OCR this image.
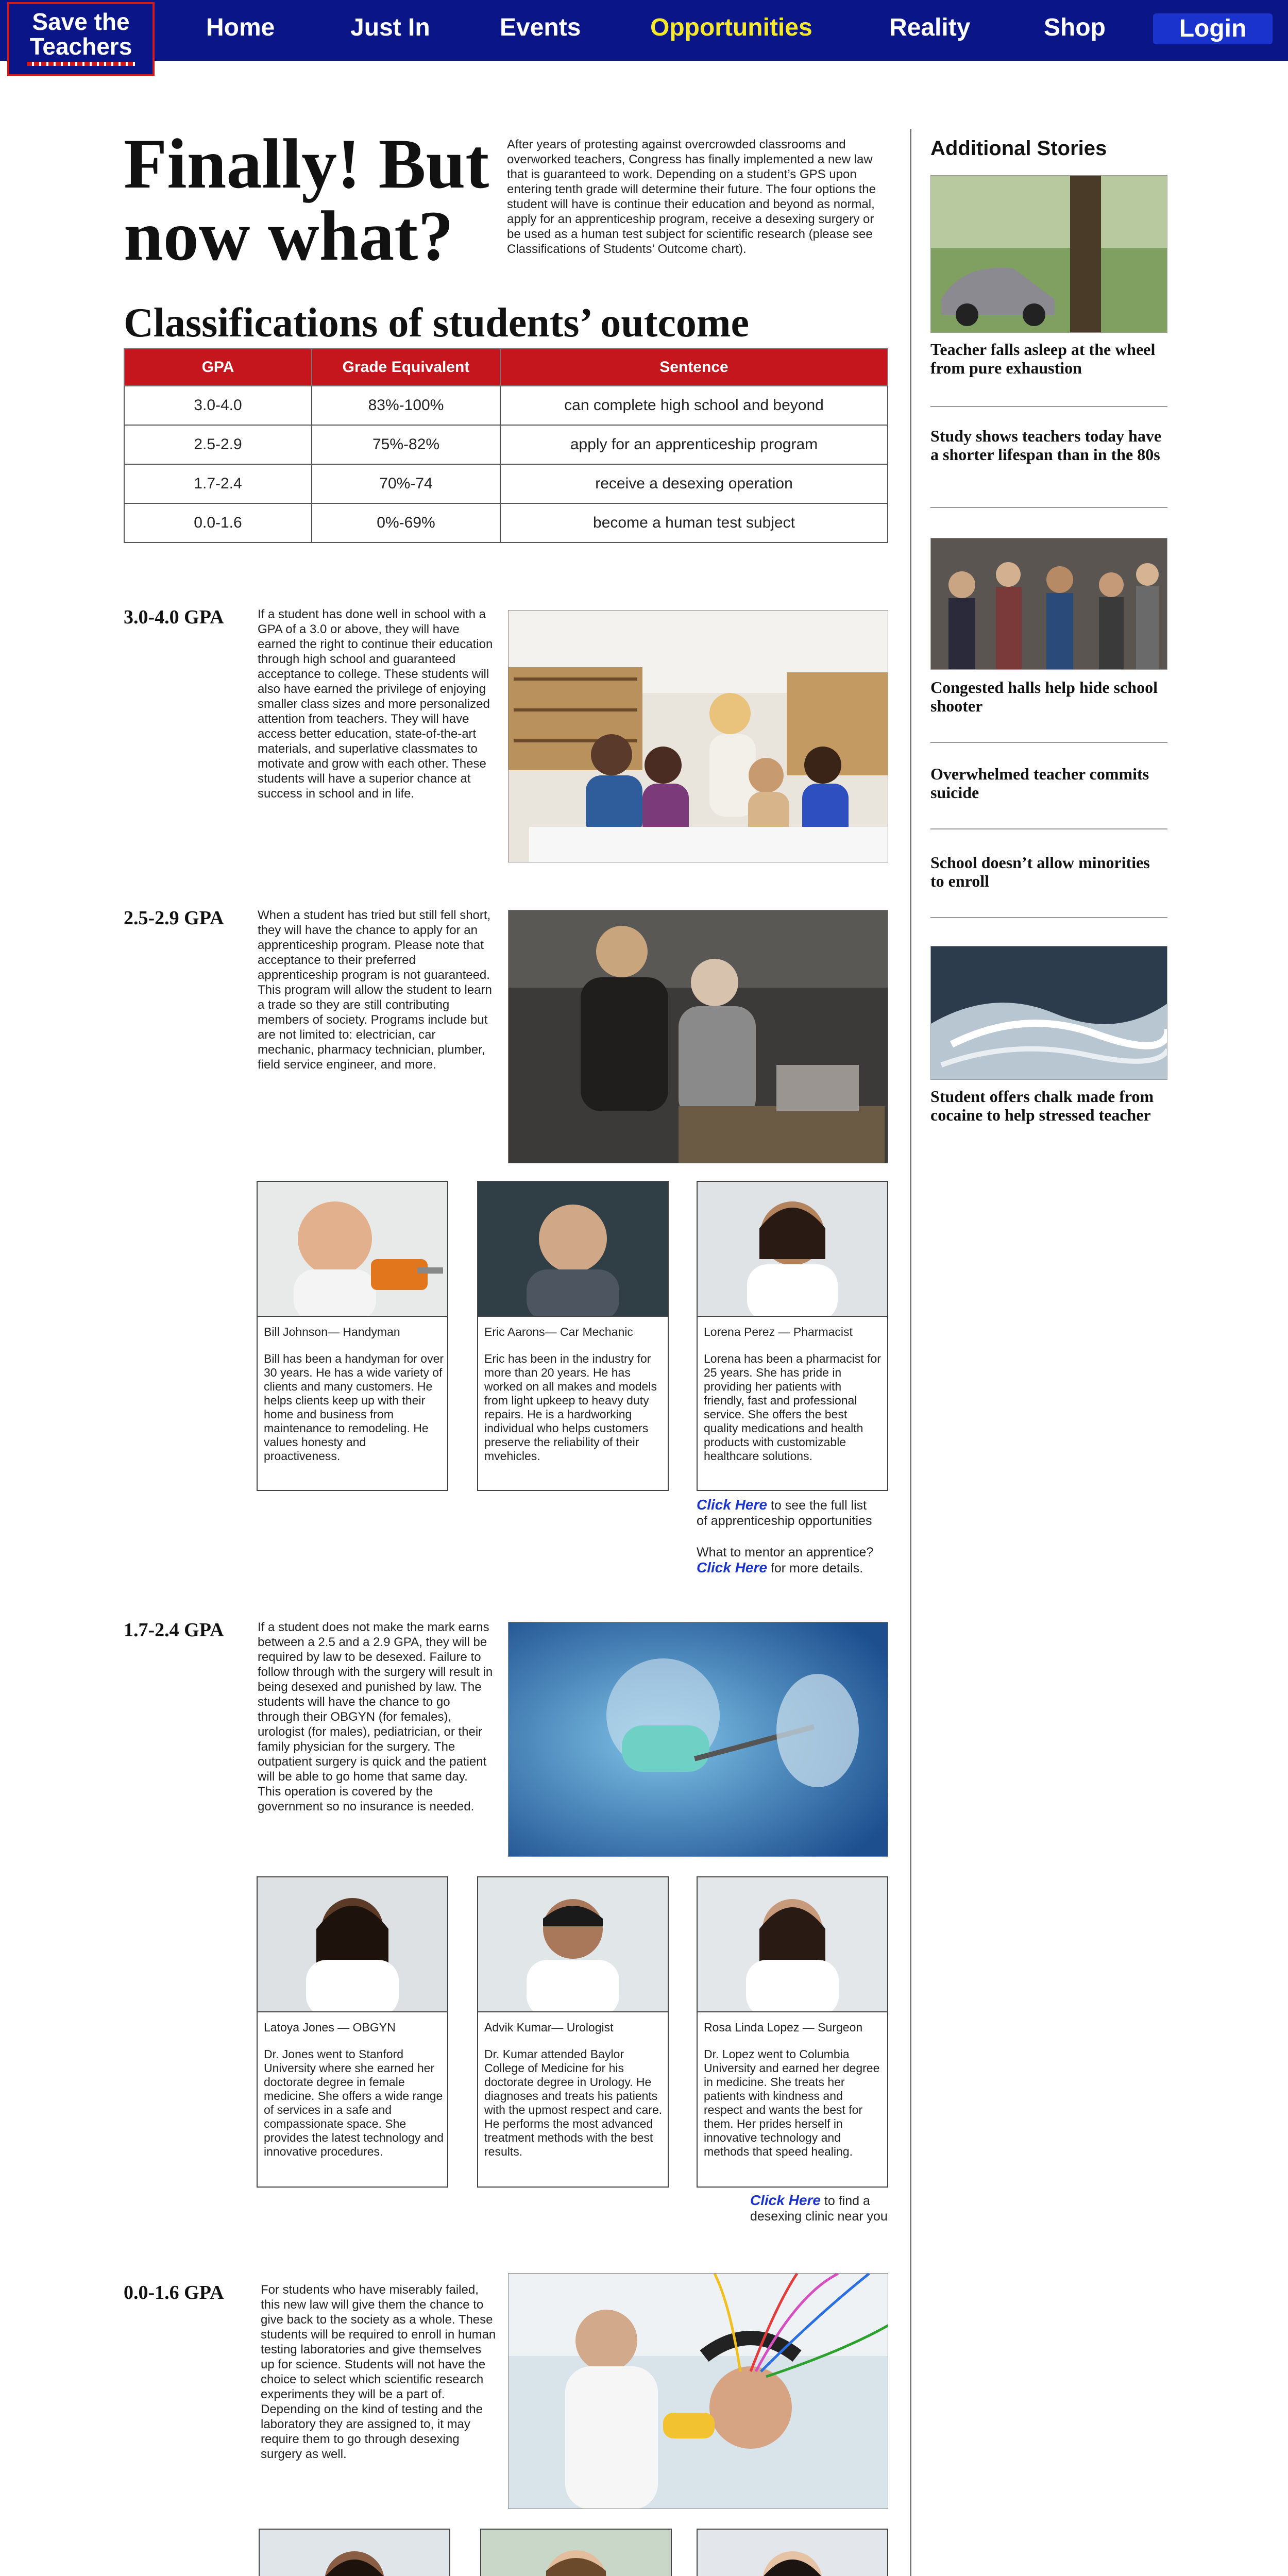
Save the
Teachers
Home	Just In	Events	Opportunities	Reality	Shop	Login
Finally! But
now what?
After years of protesting against overcrowded classrooms and overworked teachers, Congress has finally implemented a new law that is guaranteed to work. Depending on a student’s GPS upon entering tenth grade will determine their future. The four options the student will have is continue their education and beyond as normal, apply for an apprenticeship program, receive a desexing surgery or be used as a human test subject for scientific research (please see Classifications of Students’ Outcome chart).
Classifications of students’ outcome
GPA	Grade Equivalent	Sentence
3.0-4.0	83%-100%	can complete high school and beyond
2.5-2.9	75%-82%	apply for an apprenticeship program
1.7-2.4	70%-74	receive a desexing operation
0.0-1.6	0%-69%	become a human test subject
3.0-4.0 GPA	If a student has done well in school with a GPA of a 3.0 or above, they will have earned the right to continue their education through high school and guaranteed acceptance to college. These students will also have earned the privilege of enjoying smaller class sizes and more personalized attention from teachers. They will have access better education, state-of-the-art materials, and superlative classmates to motivate and grow with each other. These students will have a superior chance at success in school and in life.
2.5-2.9 GPA	When a student has tried but still fell short, they will have the chance to apply for an apprenticeship program. Please note that acceptance to their preferred apprenticeship program is not guaranteed. This program will allow the student to learn a trade so they are still contributing members of society. Programs include but are not limited to: electrician, car mechanic, pharmacy technician, plumber, field service engineer, and more.
Bill Johnson— Handyman
Bill has been a handyman for over 30 years. He has a wide variety of clients and many customers. He helps clients keep up with their home and business from maintenance to remodeling. He values honesty and proactiveness.
Eric Aarons— Car Mechanic
Eric has been in the industry for more than 20 years. He has worked on all makes and models from light upkeep to heavy duty repairs. He is a hardworking individual who helps customers preserve the reliability of their mvehicles.
Lorena Perez — Pharmacist
Lorena has been a pharmacist for 25 years. She has pride in providing her patients with friendly, fast and professional service. She offers the best quality medications and health products with customizable healthcare solutions.
Click Here to see the full list
of apprenticeship opportunities
What to mentor an apprentice?
Click Here for more details.
1.7-2.4 GPA	If a student does not make the mark earns between a 2.5 and a 2.9 GPA, they will be required by law to be desexed. Failure to follow through with the surgery will result in being desexed and punished by law. The students will have the chance to go through their OBGYN (for females), urologist (for males), pediatrician, or their family physician for the surgery. The outpatient surgery is quick and the patient will be able to go home that same day. This operation is covered by the government so no insurance is needed.
Latoya Jones — OBGYN
Dr. Jones went to Stanford University where she earned her doctorate degree in female medicine. She offers a wide range of services in a safe and compassionate space. She provides the latest technology and innovative procedures.
Advik Kumar— Urologist
Dr. Kumar attended Baylor College of Medicine for his doctorate degree in Urology. He diagnoses and treats his patients with the upmost respect and care. He performs the most advanced treatment methods with the best results.
Rosa Linda Lopez — Surgeon
Dr. Lopez went to Columbia University and earned her degree in medicine. She treats her patients with kindness and respect and wants the best for them. Her prides herself in innovative technology and methods that speed healing.
Click Here to find a
desexing clinic near you
0.0-1.6 GPA	For students who have miserably failed, this new law will give them the chance to give back to the society as a whole. These students will be required to enroll in human testing laboratories and give themselves up for science. Students will not have the choice to select which scientific research experiments they will be a part of. Depending on the kind of testing and the laboratory they are assigned to, it may require them to go through desexing surgery as well.

Additional Stories
Teacher falls asleep at the wheel from pure exhaustion
Study shows teachers today have a shorter lifespan than in the 80s
Congested halls help hide school shooter
Overwhelmed teacher commits suicide
School doesn’t allow minorities to enroll
Student offers chalk made from cocaine to help stressed teacher
